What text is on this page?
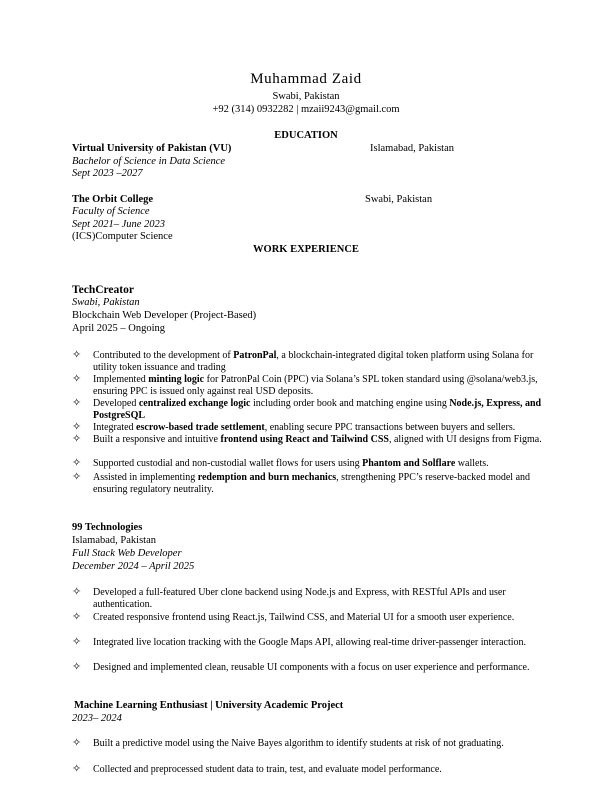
Muhammad Zaid
Swabi, Pakistan
+92 (314) 0932282 | mzaii9243@gmail.com
EDUCATION
Virtual University of Pakistan (VU)	Islamabad, Pakistan
Bachelor of Science in Data Science
Sept 2023 –2027
The Orbit College	Swabi, Pakistan
Faculty of Science
Sept 2021– June 2023
(ICS)Computer Science
WORK EXPERIENCE
TechCreator
Swabi, Pakistan
Blockchain Web Developer (Project-Based)
April 2025 – Ongoing
✧ Contributed to the development of PatronPal, a blockchain-integrated digital token platform using Solana for utility token issuance and trading
✧ Implemented minting logic for PatronPal Coin (PPC) via Solana’s SPL token standard using @solana/web3.js, ensuring PPC is issued only against real USD deposits.
✧ Developed centralized exchange logic including order book and matching engine using Node.js, Express, and PostgreSQL
✧ Integrated escrow-based trade settlement, enabling secure PPC transactions between buyers and sellers.
✧ Built a responsive and intuitive frontend using React and Tailwind CSS, aligned with UI designs from Figma.
✧ Supported custodial and non-custodial wallet flows for users using Phantom and Solflare wallets.
✧ Assisted in implementing redemption and burn mechanics, strengthening PPC’s reserve-backed model and ensuring regulatory neutrality.
99 Technologies
Islamabad, Pakistan
Full Stack Web Developer
December 2024 – April 2025
✧ Developed a full-featured Uber clone backend using Node.js and Express, with RESTful APIs and user authentication.
✧ Created responsive frontend using React.js, Tailwind CSS, and Material UI for a smooth user experience.
✧ Integrated live location tracking with the Google Maps API, allowing real-time driver-passenger interaction.
✧ Designed and implemented clean, reusable UI components with a focus on user experience and performance.
Machine Learning Enthusiast | University Academic Project
2023– 2024
✧ Built a predictive model using the Naive Bayes algorithm to identify students at risk of not graduating.
✧ Collected and preprocessed student data to train, test, and evaluate model performance.
